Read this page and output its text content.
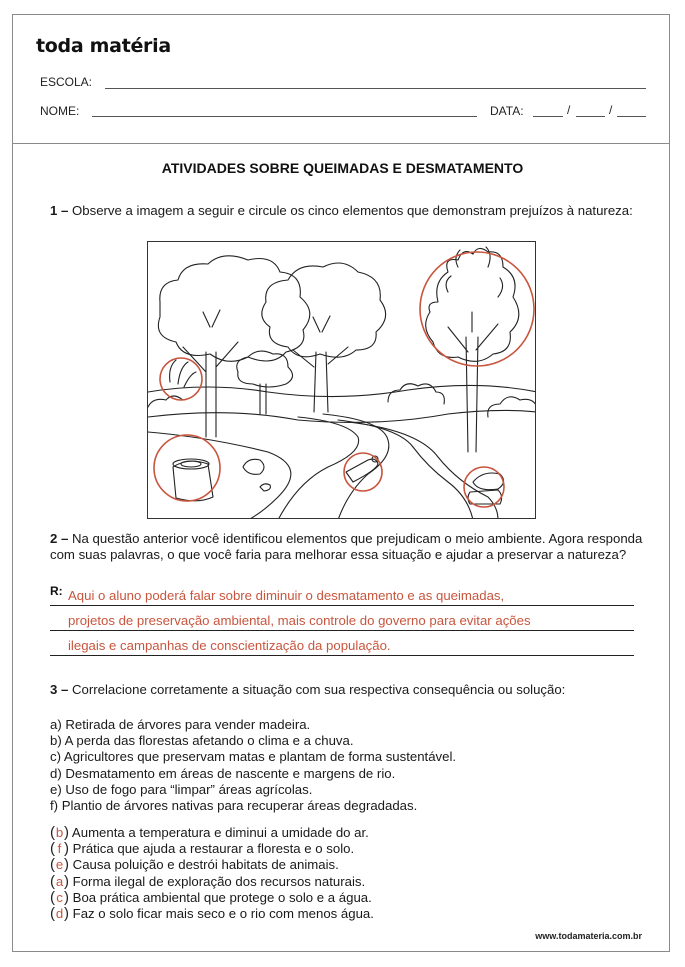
toda matéria
ESCOLA:
NOME:	DATA:	/	/
ATIVIDADES SOBRE QUEIMADAS E DESMATAMENTO
1 – Observe a imagem a seguir e circule os cinco elementos que demonstram prejuízos à natureza:
2 – Na questão anterior você identificou elementos que prejudicam o meio ambiente. Agora responda com suas palavras, o que você faria para melhorar essa situação e ajudar a preservar a natureza?
R: Aqui o aluno poderá falar sobre diminuir o desmatamento e as queimadas,
projetos de preservação ambiental, mais controle do governo para evitar ações
ilegais e campanhas de conscientização da população.
3 – Correlacione corretamente a situação com sua respectiva consequência ou solução:
a) Retirada de árvores para vender madeira.
b) A perda das florestas afetando o clima e a chuva.
c) Agricultores que preservam matas e plantam de forma sustentável.
d) Desmatamento em áreas de nascente e margens de rio.
e) Uso de fogo para “limpar” áreas agrícolas.
f) Plantio de árvores nativas para recuperar áreas degradadas.
(b) Aumenta a temperatura e diminui a umidade do ar.
( f ) Prática que ajuda a restaurar a floresta e o solo.
(e) Causa poluição e destrói habitats de animais.
(a) Forma ilegal de exploração dos recursos naturais.
(c) Boa prática ambiental que protege o solo e a água.
(d) Faz o solo ficar mais seco e o rio com menos água.
www.todamateria.com.br
